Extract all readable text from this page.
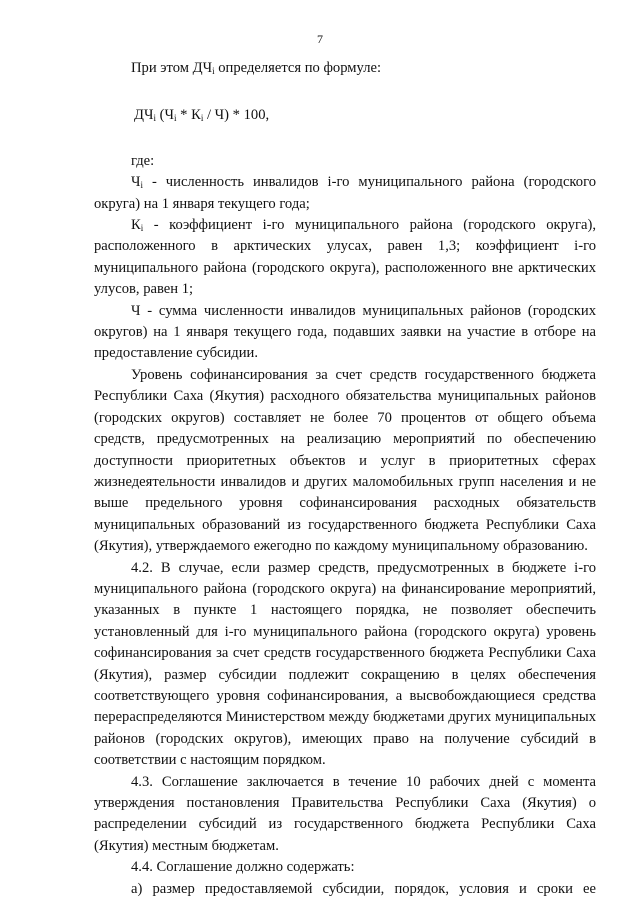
7

При этом $ДЧ_i$ определяется по формуле:

$ДЧ_i$ $(Ч_i * К_i / Ч) * 100$,

где:

$Ч_i$ - численность инвалидов i-го муниципального района (городского округа) на 1 января текущего года;

$К_i$ - коэффициент i-го муниципального района (городского округа), расположенного в арктических улусах, равен 1,3; коэффициент i-го муниципального района (городского округа), расположенного вне арктических улусов, равен 1;

Ч - сумма численности инвалидов муниципальных районов (городских округов) на 1 января текущего года, подавших заявки на участие в отборе на предоставление субсидии.

Уровень софинансирования за счет средств государственного бюджета Республики Саха (Якутия) расходного обязательства муниципальных районов (городских округов) составляет не более 70 процентов от общего объема средств, предусмотренных на реализацию мероприятий по обеспечению доступности приоритетных объектов и услуг в приоритетных сферах жизнедеятельности инвалидов и других маломобильных групп населения и не выше предельного уровня софинансирования расходных обязательств муниципальных образований из государственного бюджета Республики Саха (Якутия), утверждаемого ежегодно по каждому муниципальному образованию.

4.2. В случае, если размер средств, предусмотренных в бюджете i-го муниципального района (городского округа) на финансирование мероприятий, указанных в пункте 1 настоящего порядка, не позволяет обеспечить установленный для i-го муниципального района (городского округа) уровень софинансирования за счет средств государственного бюджета Республики Саха (Якутия), размер субсидии подлежит сокращению в целях обеспечения соответствующего уровня софинансирования, а высвобождающиеся средства перераспределяются Министерством между бюджетами других муниципальных районов (городских округов), имеющих право на получение субсидий в соответствии с настоящим порядком.

4.3. Соглашение заключается в течение 10 рабочих дней с момента утверждения постановления Правительства Республики Саха (Якутия) о распределении субсидий из государственного бюджета Республики Саха (Якутия) местным бюджетам.

4.4. Соглашение должно содержать:

а) размер предоставляемой субсидии, порядок, условия и сроки ее
